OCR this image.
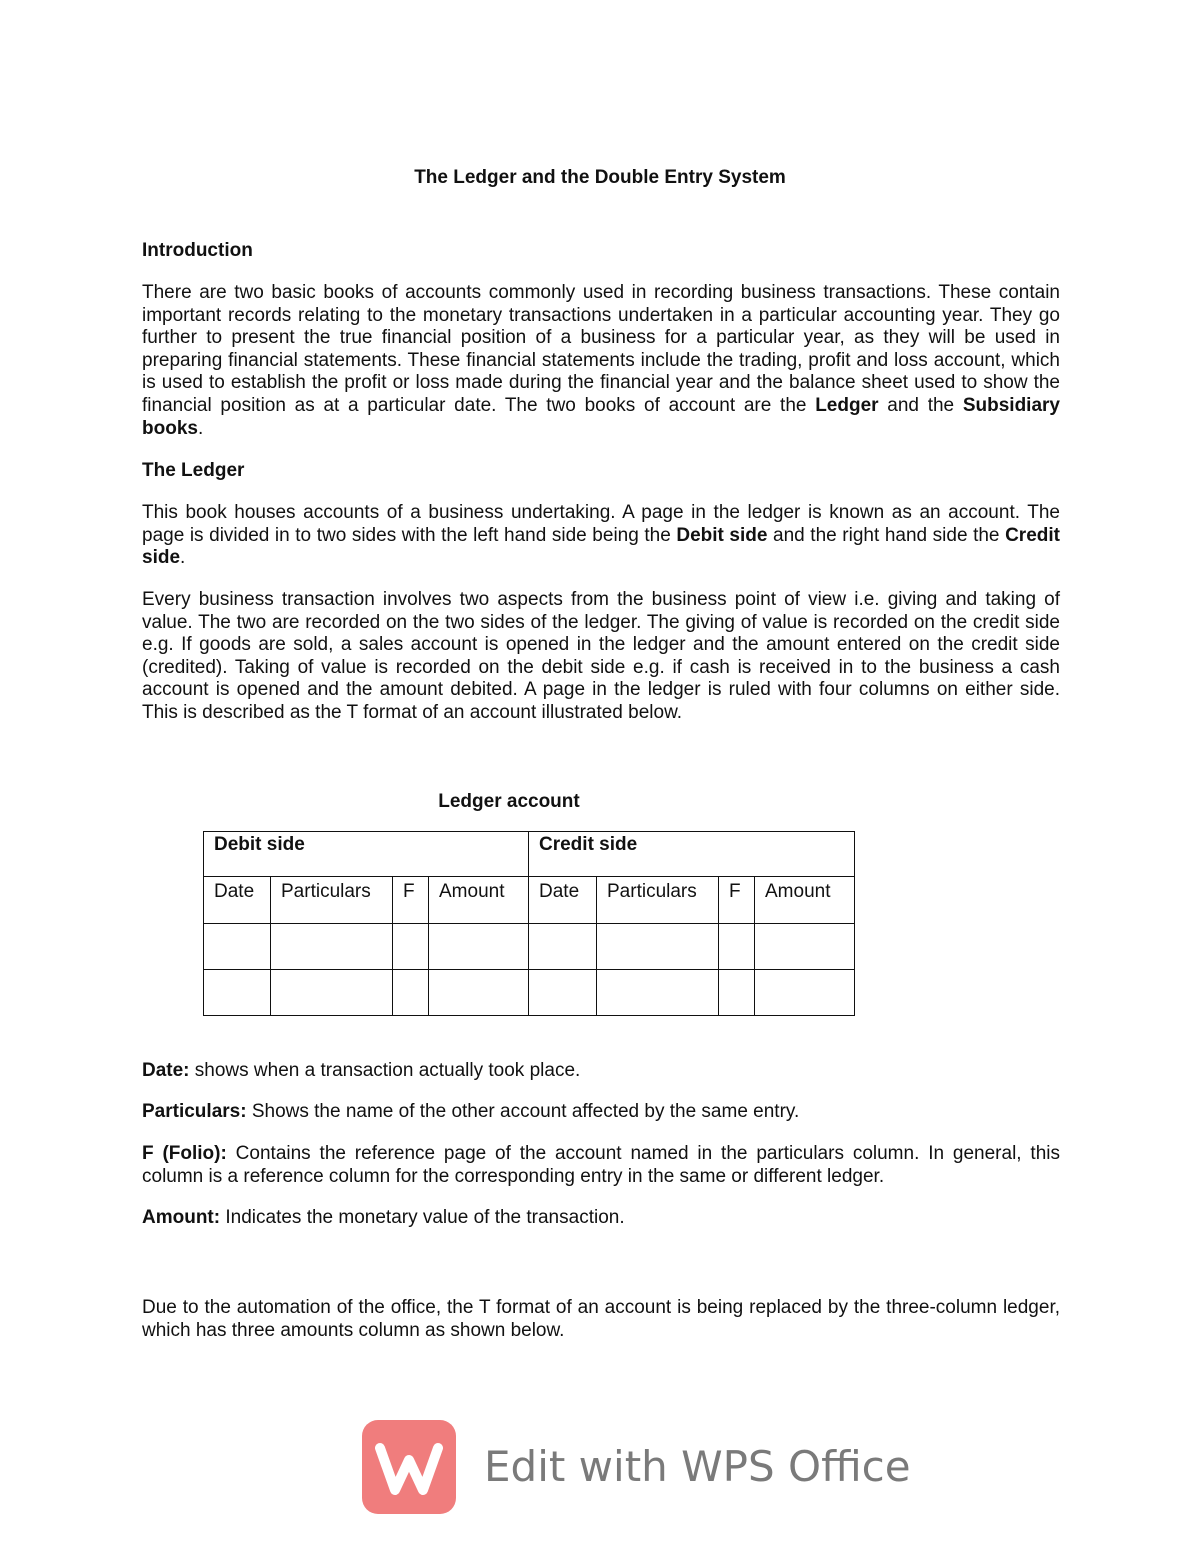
The Ledger and the Double Entry System
Introduction

There are two basic books of accounts commonly used in recording business transactions. These contain important records relating to the monetary transactions undertaken in a particular accounting year. They go further to present the true financial position of a business for a particular year, as they will be used in preparing financial statements. These financial statements include the trading, profit and loss account, which is used to establish the profit or loss made during the financial year and the balance sheet used to show the financial position as at a particular date. The two books of account are the Ledger and the Subsidiary books.

The Ledger

This book houses accounts of a business undertaking. A page in the ledger is known as an account. The page is divided in to two sides with the left hand side being the Debit side and the right hand side the Credit side.

Every business transaction involves two aspects from the business point of view i.e. giving and taking of value. The two are recorded on the two sides of the ledger. The giving of value is recorded on the credit side e.g. If goods are sold, a sales account is opened in the ledger and the amount entered on the credit side (credited). Taking of value is recorded on the debit side e.g. if cash is received in to the business a cash account is opened and the amount debited. A page in the ledger is ruled with four columns on either side. This is described as the T format of an account illustrated below.

Ledger account
Debit side				Credit side			
Date	Particulars	F	Amount	Date	Particulars	F	Amount

Date: shows when a transaction actually took place.

Particulars: Shows the name of the other account affected by the same entry.

F (Folio): Contains the reference page of the account named in the particulars column. In general, this column is a reference column for the corresponding entry in the same or different ledger.

Amount: Indicates the monetary value of the transaction.

Due to the automation of the office, the T format of an account is being replaced by the three-column ledger, which has three amounts column as shown below.

Edit with WPS Office
